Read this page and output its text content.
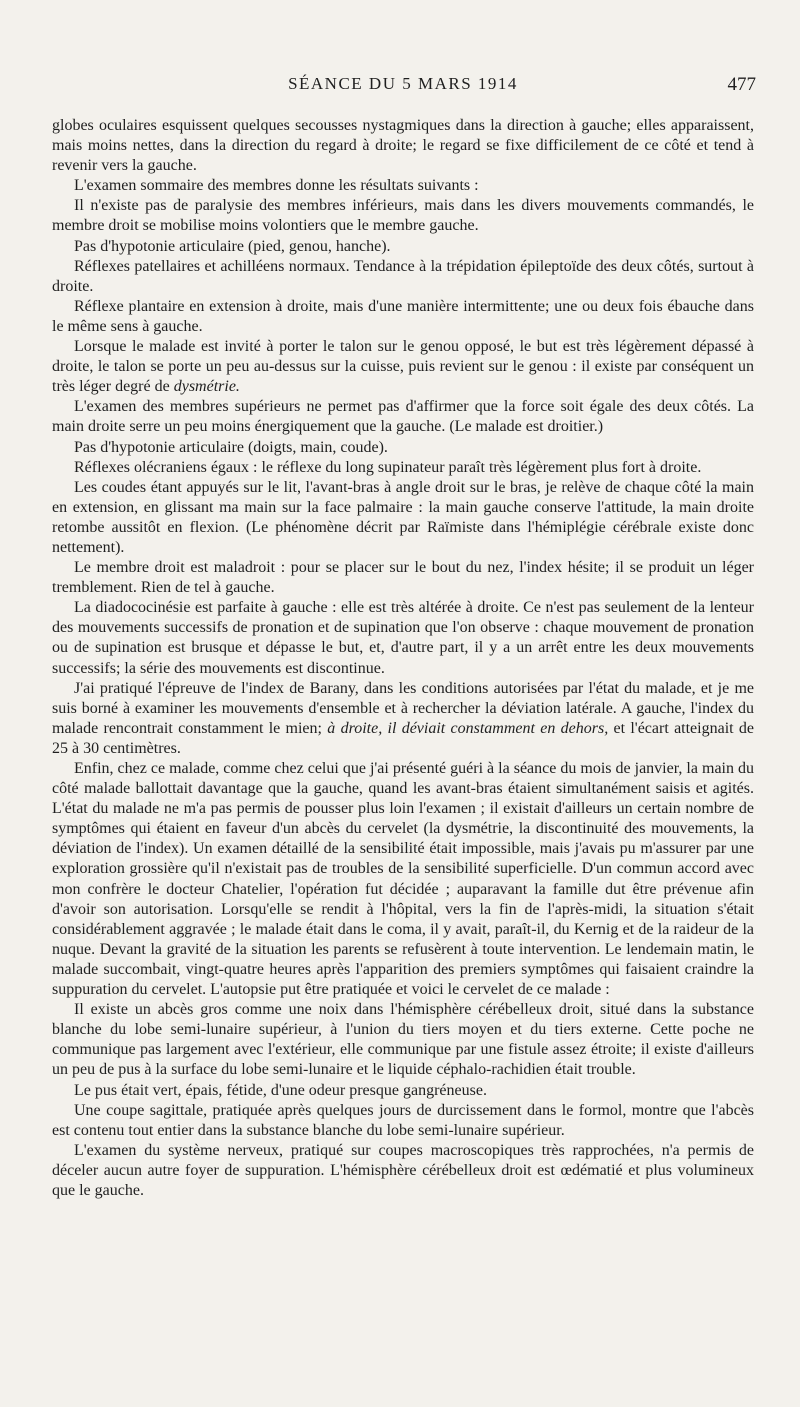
SÉANCE DU 5 MARS 1914	477

globes oculaires esquissent quelques secousses nystagmiques dans la direction à gauche; elles apparaissent, mais moins nettes, dans la direction du regard à droite; le regard se fixe difficilement de ce côté et tend à revenir vers la gauche.

L'examen sommaire des membres donne les résultats suivants :

Il n'existe pas de paralysie des membres inférieurs, mais dans les divers mouvements commandés, le membre droit se mobilise moins volontiers que le membre gauche.

Pas d'hypotonie articulaire (pied, genou, hanche).

Réflexes patellaires et achilléens normaux. Tendance à la trépidation épileptoïde des deux côtés, surtout à droite.

Réflexe plantaire en extension à droite, mais d'une manière intermittente; une ou deux fois ébauche dans le même sens à gauche.

Lorsque le malade est invité à porter le talon sur le genou opposé, le but est très légèrement dépassé à droite, le talon se porte un peu au-dessus sur la cuisse, puis revient sur le genou : il existe par conséquent un très léger degré de dysmétrie.

L'examen des membres supérieurs ne permet pas d'affirmer que la force soit égale des deux côtés. La main droite serre un peu moins énergiquement que la gauche. (Le malade est droitier.)

Pas d'hypotonie articulaire (doigts, main, coude).

Réflexes olécraniens égaux : le réflexe du long supinateur paraît très légèrement plus fort à droite.

Les coudes étant appuyés sur le lit, l'avant-bras à angle droit sur le bras, je relève de chaque côté la main en extension, en glissant ma main sur la face palmaire : la main gauche conserve l'attitude, la main droite retombe aussitôt en flexion. (Le phénomène décrit par Raïmiste dans l'hémiplégie cérébrale existe donc nettement).

Le membre droit est maladroit : pour se placer sur le bout du nez, l'index hésite; il se produit un léger tremblement. Rien de tel à gauche.

La diadococinésie est parfaite à gauche : elle est très altérée à droite. Ce n'est pas seulement de la lenteur des mouvements successifs de pronation et de supination que l'on observe : chaque mouvement de pronation ou de supination est brusque et dépasse le but, et, d'autre part, il y a un arrêt entre les deux mouvements successifs; la série des mouvements est discontinue.

J'ai pratiqué l'épreuve de l'index de Barany, dans les conditions autorisées par l'état du malade, et je me suis borné à examiner les mouvements d'ensemble et à rechercher la déviation latérale. A gauche, l'index du malade rencontrait constamment le mien; à droite, il déviait constamment en dehors, et l'écart atteignait de 25 à 30 centimètres.

Enfin, chez ce malade, comme chez celui que j'ai présenté guéri à la séance du mois de janvier, la main du côté malade ballottait davantage que la gauche, quand les avant-bras étaient simultanément saisis et agités. L'état du malade ne m'a pas permis de pousser plus loin l'examen ; il existait d'ailleurs un certain nombre de symptômes qui étaient en faveur d'un abcès du cervelet (la dysmétrie, la discontinuité des mouvements, la déviation de l'index). Un examen détaillé de la sensibilité était impossible, mais j'avais pu m'assurer par une exploration grossière qu'il n'existait pas de troubles de la sensibilité superficielle. D'un commun accord avec mon confrère le docteur Chatelier, l'opération fut décidée ; auparavant la famille dut être prévenue afin d'avoir son autorisation. Lorsqu'elle se rendit à l'hôpital, vers la fin de l'après-midi, la situation s'était considérablement aggravée ; le malade était dans le coma, il y avait, paraît-il, du Kernig et de la raideur de la nuque. Devant la gravité de la situation les parents se refusèrent à toute intervention. Le lendemain matin, le malade succombait, vingt-quatre heures après l'apparition des premiers symptômes qui faisaient craindre la suppuration du cervelet. L'autopsie put être pratiquée et voici le cervelet de ce malade :

Il existe un abcès gros comme une noix dans l'hémisphère cérébelleux droit, situé dans la substance blanche du lobe semi-lunaire supérieur, à l'union du tiers moyen et du tiers externe. Cette poche ne communique pas largement avec l'extérieur, elle communique par une fistule assez étroite; il existe d'ailleurs un peu de pus à la surface du lobe semi-lunaire et le liquide céphalo-rachidien était trouble.

Le pus était vert, épais, fétide, d'une odeur presque gangréneuse.

Une coupe sagittale, pratiquée après quelques jours de durcissement dans le formol, montre que l'abcès est contenu tout entier dans la substance blanche du lobe semi-lunaire supérieur.

L'examen du système nerveux, pratiqué sur coupes macroscopiques très rapprochées, n'a permis de déceler aucun autre foyer de suppuration. L'hémisphère cérébelleux droit est œdématié et plus volumineux que le gauche.
